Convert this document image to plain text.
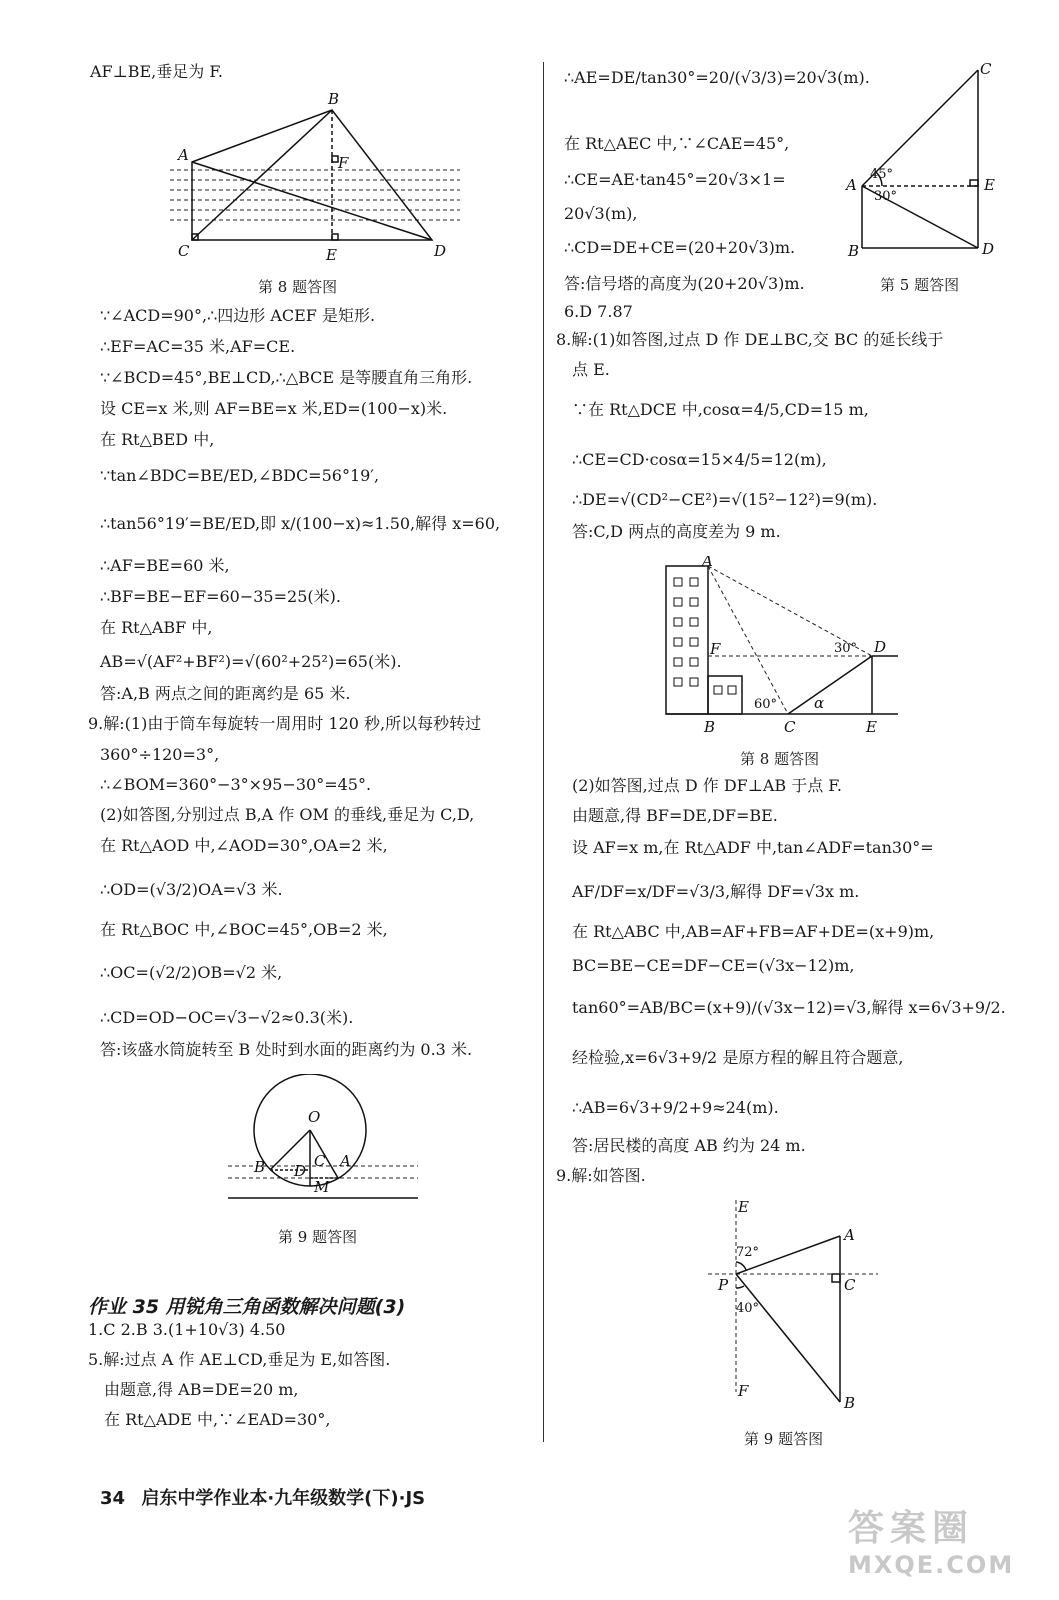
AF⊥BE,垂足为 F.
A
B
C	D
E
F
第 8 题答图
∵∠ACD=90°,∴四边形 ACEF 是矩形.
∴EF=AC=35 米,AF=CE.
∵∠BCD=45°,BE⊥CD,∴△BCE 是等腰直角三角形.
设 CE=x 米,则 AF=BE=x 米,ED=(100−x)米.
在 Rt△BED 中,
∵tan∠BDC=BE/ED,∠BDC=56°19′,
∴tan56°19′=BE/ED,即 x/(100−x)≈1.50,解得 x=60,
∴AF=BE=60 米,
∴BF=BE−EF=60−35=25(米).
在 Rt△ABF 中,
AB=√(AF²+BF²)=√(60²+25²)=65(米).
答:A,B 两点之间的距离约是 65 米.
9.解:(1)由于筒车每旋转一周用时 120 秒,所以每秒转过
360°÷120=3°,
∴∠BOM=360°−3°×95−30°=45°.
(2)如答图,分别过点 B,A 作 OM 的垂线,垂足为 C,D,
在 Rt△AOD 中,∠AOD=30°,OA=2 米,
∴OD=(√3/2)OA=√3 米.
在 Rt△BOC 中,∠BOC=45°,OB=2 米,
∴OC=(√2/2)OB=√2 米,
∴CD=OD−OC=√3−√2≈0.3(米).
答:该盛水筒旋转至 B 处时到水面的距离约为 0.3 米.
O
A
B	C
D
M
第 9 题答图
1.C 2.B 3.(1+10√3) 4.50
5.解:过点 A 作 AE⊥CD,垂足为 E,如答图.
由题意,得 AB=DE=20 m,
在 Rt△ADE 中,∵∠EAD=30°,
作业 35 用锐角三角函数解决问题(3)
∴AE=DE/tan30°=20/(√3/3)=20√3(m).
在 Rt△AEC 中,∵∠CAE=45°,
∴CE=AE·tan45°=20√3×1=
20√3(m),
∴CD=DE+CE=(20+20√3)m.
答:信号塔的高度为(20+20√3)m.
A
B
C
D
E
45°
30°
第 5 题答图
6.D 7.87
8.解:(1)如答图,过点 D 作 DE⊥BC,交 BC 的延长线于
点 E.
∵在 Rt△DCE 中,cosα=4/5,CD=15 m,
∴CE=CD·cosα=15×4/5=12(m),
∴DE=√(CD²−CE²)=√(15²−12²)=9(m).
答:C,D 两点的高度差为 9 m.
A
B	C
D
E
F	30°
60° α
第 8 题答图
(2)如答图,过点 D 作 DF⊥AB 于点 F.
由题意,得 BF=DE,DF=BE.
设 AF=x m,在 Rt△ADF 中,tan∠ADF=tan30°=
AF/DF=x/DF=√3/3,解得 DF=√3x m.
在 Rt△ABC 中,AB=AF+FB=AF+DE=(x+9)m,
BC=BE−CE=DF−CE=(√3x−12)m,
tan60°=AB/BC=(x+9)/(√3x−12)=√3,解得 x=6√3+9/2.
经检验,x=6√3+9/2 是原方程的解且符合题意,
∴AB=6√3+9/2+9≈24(m).
答:居民楼的高度 AB 约为 24 m.
9.解:如答图.
A
B
C
E
F
P
72°
40°
第 9 题答图
34 启东中学作业本·九年级数学(下)·JS
答案圈
MXQE.COM
